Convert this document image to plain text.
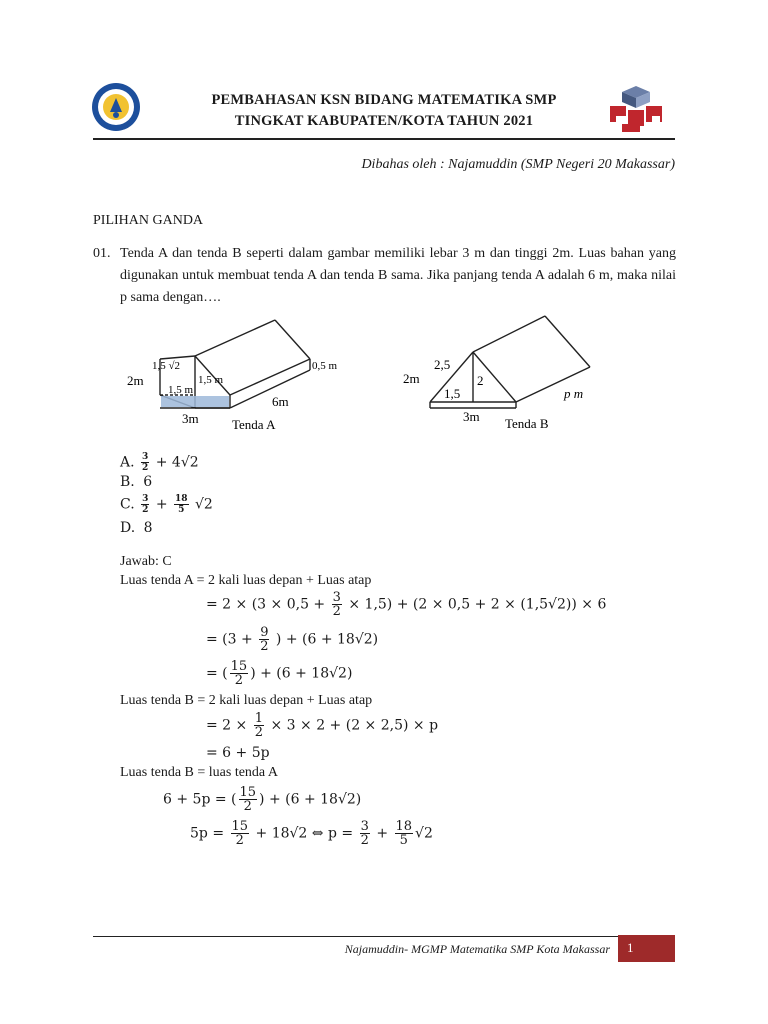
PEMBAHASAN KSN BIDANG MATEMATIKA SMP
TINGKAT KABUPATEN/KOTA TAHUN 2021
Dibahas oleh : Najamuddin (SMP Negeri 20 Makassar)
PILIHAN GANDA
01. Tenda A dan tenda B seperti dalam gambar memiliki lebar 3 m dan tinggi 2m. Luas bahan yang digunakan untuk membuat tenda A dan tenda B sama. Jika panjang tenda A adalah 6 m, maka nilai p sama dengan….
1,5 √2	0,5 m
2m
1,5 m
1,5 m
6m
3m	Tenda A
2,5
2m	2
1,5	p m
3m Tenda B
A. $\frac{3}{2} + 4√2$
B. 6
C. $\frac{3}{2} + \frac{18}{5} √2$
D. 8
Jawab: C
Luas tenda A = 2 kali luas depan + Luas atap
= $2 \times (3 \times 0,5 + \frac{3}{2} \times 1,5) + (2 \times 0,5 + 2 \times (1,5√2)) \times 6$
= ($3 + \frac{9}{2}$ ) + (6 + 18√2)
= ( $\frac{15}{2}$ ) + (6 + 18√2)
Luas tenda B = 2 kali luas depan + Luas atap
= $2 \times \frac{1}{2} \times 3 \times 2 + (2 \times 2,5) \times p$
= 6 + 5p
Luas tenda B = luas tenda A
6 + 5p = ( $\frac{15}{2}$ ) + (6 + 18√2)
$5p = \frac{15}{2} + 18√2$ ⇔ $p = \frac{3}{2} + \frac{18}{5} √2$
Najamuddin- MGMP Matematika SMP Kota Makassar 1
